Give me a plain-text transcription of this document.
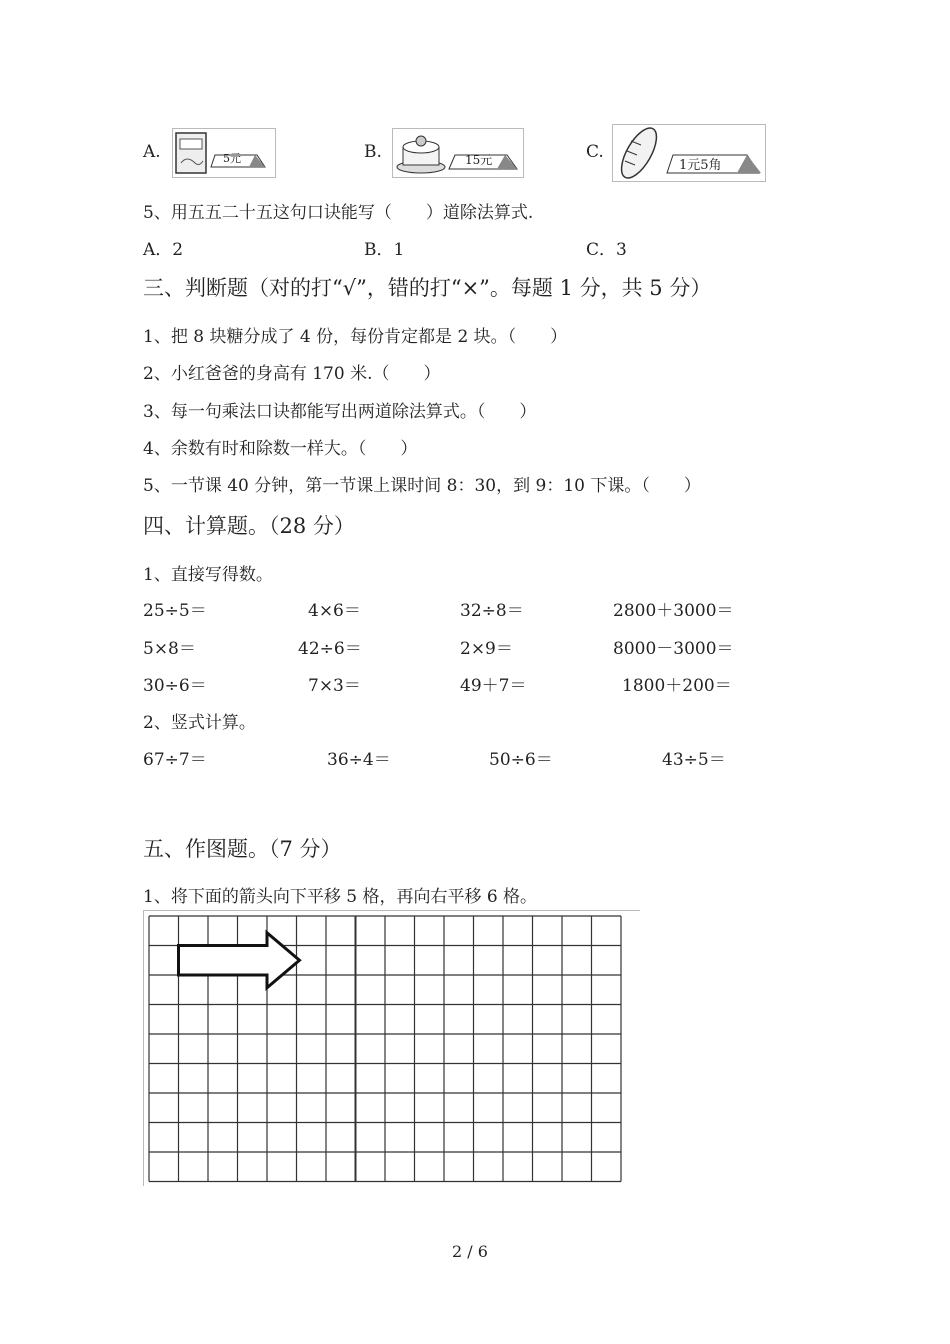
A.	5元	B.	15元	C.
1元5角
5、用五五二十五这句口诀能写（　　）道除法算式.
A．2	B．1	C．3
三、判断题（对的打“√”，错的打“×”。每题 1 分，共 5 分）
1、把 8 块糖分成了 4 份，每份肯定都是 2 块。（　　）
2、小红爸爸的身高有 170 米.（　　）
3、每一句乘法口诀都能写出两道除法算式。（　　）
4、余数有时和除数一样大。（　　）
5、一节课 40 分钟，第一节课上课时间 8：30，到 9：10 下课。（　　）
四、计算题。（28 分）
1、直接写得数。
25÷5＝	4×6＝	32÷8＝	2800＋3000＝
5×8＝	42÷6＝	2×9＝	8000－3000＝
30÷6＝	7×3＝	49＋7＝	1800＋200＝
2、竖式计算。
67÷7＝	36÷4＝	50÷6＝	43÷5＝
五、作图题。（7 分）
1、将下面的箭头向下平移 5 格，再向右平移 6 格。
2 / 6
